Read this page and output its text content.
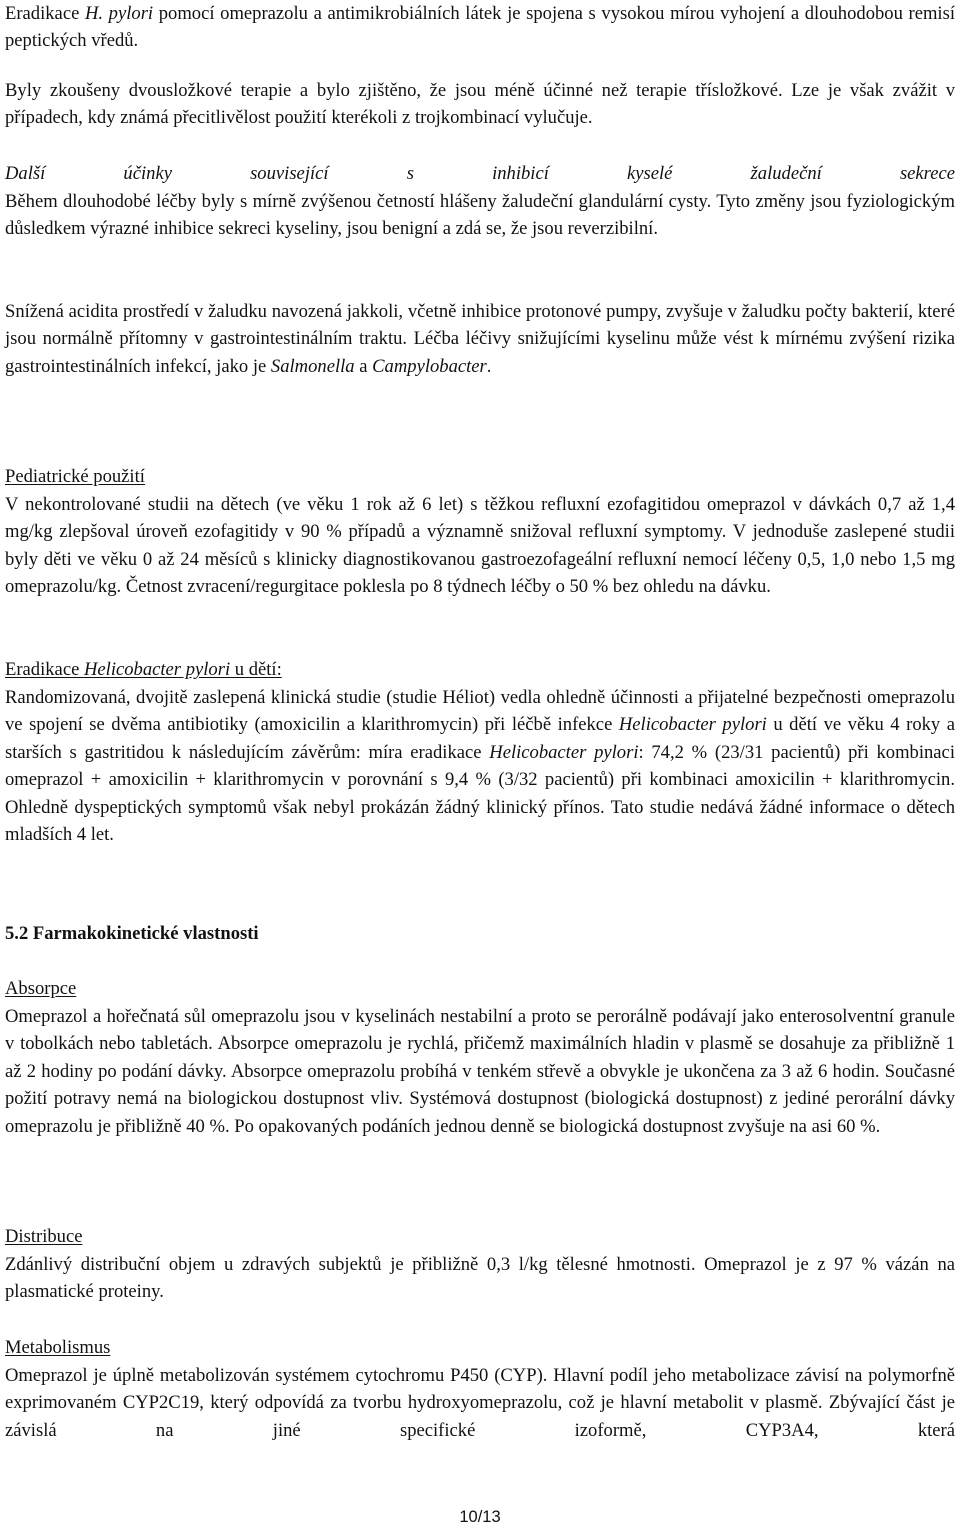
Eradikace H. pylori pomocí omeprazolu a antimikrobiálních látek je spojena s vysokou mírou vyhojení a dlouhodobou remisí peptických vředů.

Byly zkoušeny dvousložkové terapie a bylo zjištěno, že jsou méně účinné než terapie třísložkové. Lze je však zvážit v případech, kdy známá přecitlivělost použití kterékoli z trojkombinací vylučuje.

Další účinky související s inhibicí kyselé žaludeční sekrece

Během dlouhodobé léčby byly s mírně zvýšenou četností hlášeny žaludeční glandulární cysty. Tyto změny jsou fyziologickým důsledkem výrazné inhibice sekreci kyseliny, jsou benigní a zdá se, že jsou reverzibilní.

Snížená acidita prostředí v žaludku navozená jakkoli, včetně inhibice protonové pumpy, zvyšuje v žaludku počty bakterií, které jsou normálně přítomny v gastrointestinálním traktu. Léčba léčivy snižujícími kyselinu může vést k mírnému zvýšení rizika gastrointestinálních infekcí, jako je Salmonella a Campylobacter.

Pediatrické použití

V nekontrolované studii na dětech (ve věku 1 rok až 6 let) s těžkou refluxní ezofagitidou omeprazol v dávkách 0,7 až 1,4 mg/kg zlepšoval úroveň ezofagitidy v 90 % případů a významně snižoval refluxní symptomy. V jednoduše zaslepené studii byly děti ve věku 0 až 24 měsíců s klinicky diagnostikovanou gastroezofageální refluxní nemocí léčeny 0,5, 1,0 nebo 1,5 mg omeprazolu/kg. Četnost zvracení/regurgitace poklesla po 8 týdnech léčby o 50 % bez ohledu na dávku.

Eradikace Helicobacter pylori u dětí:

Randomizovaná, dvojitě zaslepená klinická studie (studie Héliot) vedla ohledně účinnosti a přijatelné bezpečnosti omeprazolu ve spojení se dvěma antibiotiky (amoxicilin a klarithromycin) při léčbě infekce Helicobacter pylori u dětí ve věku 4 roky a starších s gastritidou k následujícím závěrům: míra eradikace Helicobacter pylori: 74,2 % (23/31 pacientů) při kombinaci omeprazol + amoxicilin + klarithromycin v porovnání s 9,4 % (3/32 pacientů) při kombinaci amoxicilin + klarithromycin. Ohledně dyspeptických symptomů však nebyl prokázán žádný klinický přínos. Tato studie nedává žádné informace o dětech mladších 4 let.

5.2 Farmakokinetické vlastnosti

Absorpce

Omeprazol a hořečnatá sůl omeprazolu jsou v kyselinách nestabilní a proto se perorálně podávají jako enterosolventní granule v tobolkách nebo tabletách. Absorpce omeprazolu je rychlá, přičemž maximálních hladin v plasmě se dosahuje za přibližně 1 až 2 hodiny po podání dávky. Absorpce omeprazolu probíhá v tenkém střevě a obvykle je ukončena za 3 až 6 hodin. Současné požití potravy nemá na biologickou dostupnost vliv. Systémová dostupnost (biologická dostupnost) z jediné perorální dávky omeprazolu je přibližně 40 %. Po opakovaných podáních jednou denně se biologická dostupnost zvyšuje na asi 60 %.

Distribuce

Zdánlivý distribuční objem u zdravých subjektů je přibližně 0,3 l/kg tělesné hmotnosti. Omeprazol je z 97 % vázán na plasmatické proteiny.

Metabolismus

Omeprazol je úplně metabolizován systémem cytochromu P450 (CYP). Hlavní podíl jeho metabolizace závisí na polymorfně exprimovaném CYP2C19, který odpovídá za tvorbu hydroxyomeprazolu, což je hlavní metabolit v plasmě. Zbývající část je závislá na jiné specifické izoformě, CYP3A4, která

10/13
